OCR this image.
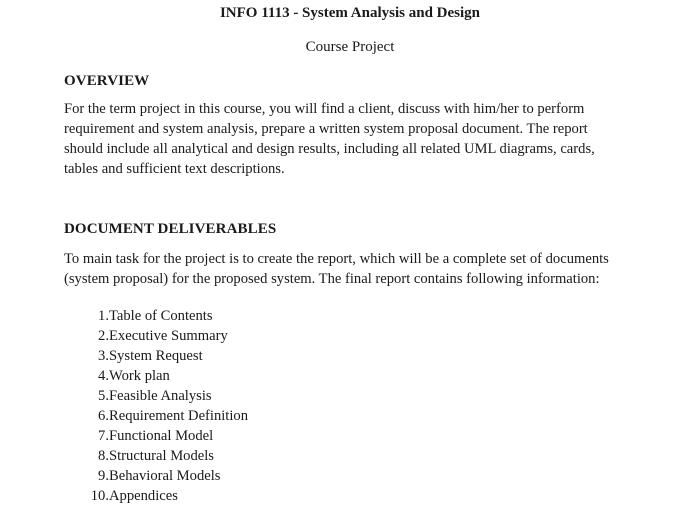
INFO 1113 - System Analysis and Design
Course Project
OVERVIEW
For the term project in this course, you will find a client, discuss with him/her to perform
requirement and system analysis, prepare a written system proposal document. The report
should include all analytical and design results, including all related UML diagrams, cards,
tables and sufficient text descriptions.
DOCUMENT DELIVERABLES
To main task for the project is to create the report, which will be a complete set of documents
(system proposal) for the proposed system. The final report contains following information:
1. Table of Contents
2. Executive Summary
3. System Request
4. Work plan
5. Feasible Analysis
6. Requirement Definition
7. Functional Model
8. Structural Models
9. Behavioral Models
10. Appendices
